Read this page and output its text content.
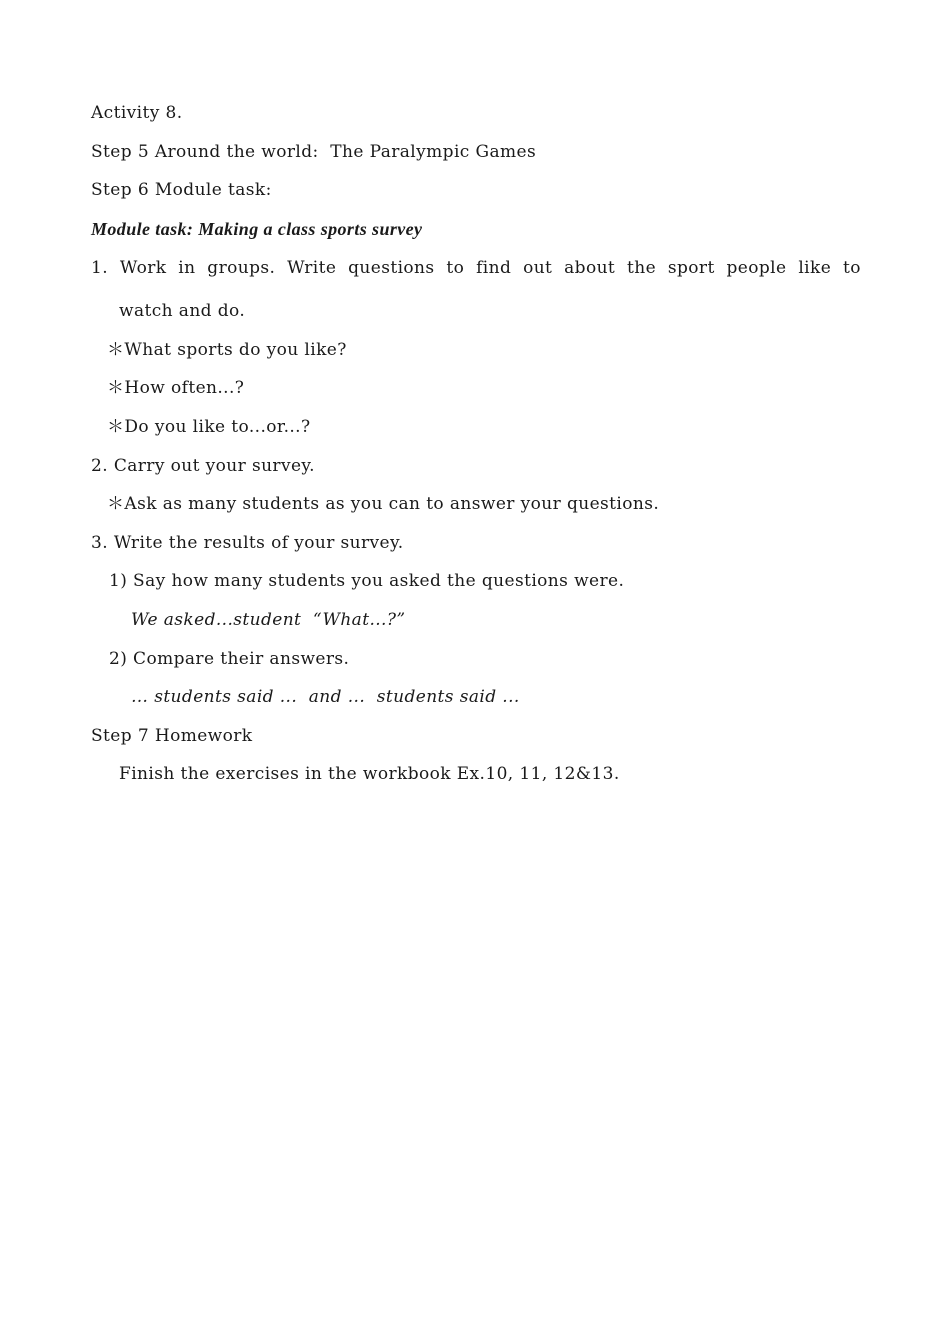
Activity 8.
Step 5 Around the world:  The Paralympic Games
Step 6 Module task:
Module task: Making a class sports survey
1. Work in groups. Write questions to find out about the sport people like to
watch and do.
＊What sports do you like?
＊How often...?
＊Do you like to...or...?
2. Carry out your survey.
＊Ask as many students as you can to answer your questions.
3. Write the results of your survey.
1) Say how many students you asked the questions were.
We asked...student  “What...?”
2) Compare their answers.
… students said ...  and ...  students said ...
Step 7 Homework
Finish the exercises in the workbook Ex.10, 11, 12&13.
